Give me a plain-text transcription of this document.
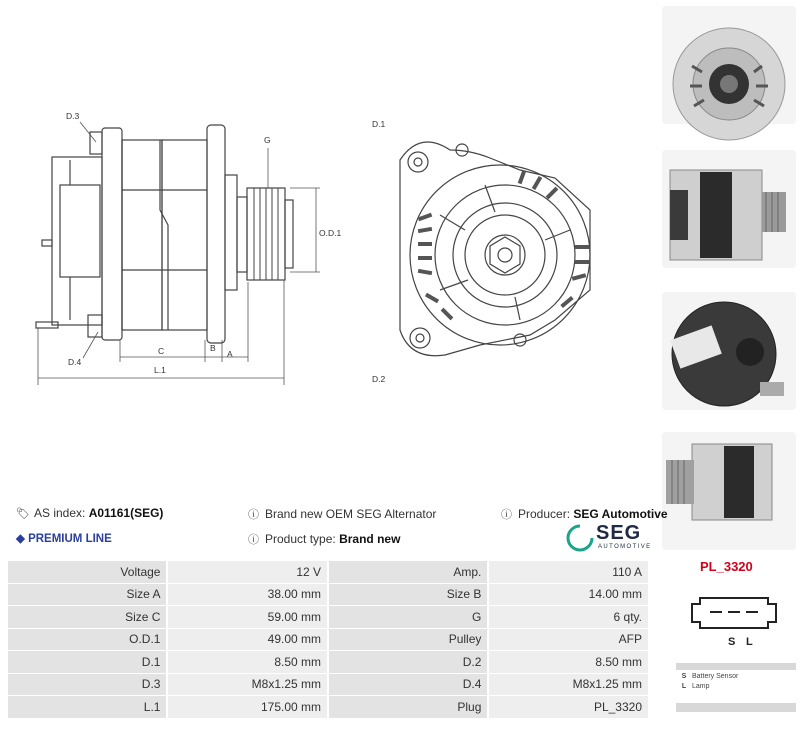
D.3
D.4
G
O.D.1
C	B
A
L.1
D.1
D.2
🏷︎ AS index: A01161(SEG)
◆ PREMIUM LINE
ⓘ Brand new OEM SEG Alternator
ⓘ Product type: Brand new
ⓘ Producer: SEG Automotive
SEG
AUTOMOTIVE
Voltage	12 V	Amp.	110 A
Size A	38.00 mm	Size B	14.00 mm
Size C	59.00 mm	G	6 qty.
O.D.1	49.00 mm	Pulley	AFP
D.1	8.50 mm	D.2	8.50 mm
D.3	M8x1.25 mm	D.4	M8x1.25 mm
L.1	175.00 mm	Plug	PL_3320
PL_3320
S L
S Battery Sensor
L Lamp
